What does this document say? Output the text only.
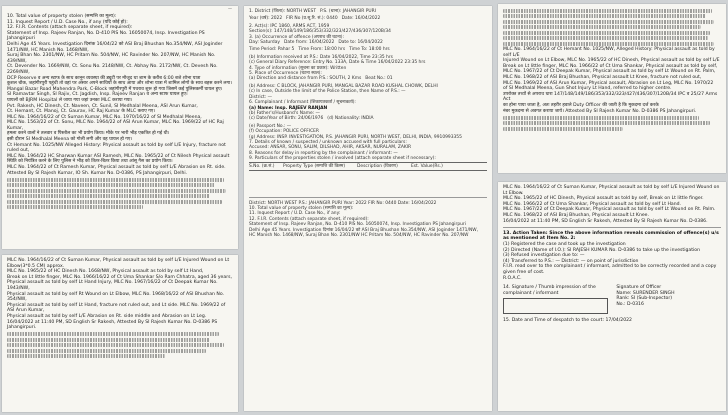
—
10. Total value of property stolen (सम्पत्ति का मूल्य):
11. Inquest Report / U.D. Case No., if any (यदि कोई हो):
12. F.I.R. Contents (attach separate sheet, if required):
Statement of Insp. Rajeev Ranjan, No. D-410 PIS No. 16050074, Insp. Investigation PS Jahangirpuri
Delhi Age 45 Years. Investigation दिनांक 16/04/22 को ASI Braj Bhushan No.354/NW, ASI Joginder 1471/NW, HC Manish No. 1468/NW,
Suraj Bhan No. 2301/NW, HC Pritam No. 504/NW, HC Ravinder No. 207/NW, HC Manish No. 439/NW,
Ct. Devender No. 1669/NW, Ct. Sonu No. 2148/NW, Ct. Abhay No. 2172/NW, Ct. Devesh No. 2269/NW,
DCP Reserve व अन्य स्टाफ के साथ कानून व्यवस्था की ड्यूटी पर मौजूद था शाम के करीब 6:00 बजे शोभा यात्रा
कुशल चौक, जहांगीरपुरी पहुंची तो वहां पर अंसार अपने साथियों के साथ आया और शोभा यात्रा में शामिल लोगों के साथ बहस करने लगा।
Mangal Bazar Road Mahendra Park, C-Block जहांगीरपुरी में पथराव शुरू हो गया जिसमें कई पुलिसकर्मी घायल हुए।
SI Ramavtar Singh, SI Rajiv, Ct. Jagdish, Insp. Rajeev Ranjan व अन्य स्टाफ घायल हुए।
घायलों को BJRM Hospital ले जाया गया जहां उनका MLC कराया गया।
Pvt. Rakesh, HC Dinesh, Ct. Naveen, Ct. Sunil, SI Medhalal Meena, ASI Arun Kumar,
Ct. Hemant, Ct. Manoj, Ct. Gaurav, HC Raj Kumar के MLC कराए गए।
MLC No. 1964/16/22 of Ct Suman Kumar, MLC No. 1970/16/22 of SI Medhalal Meena,
MLC No. 1563/22 of Ct. Sonu, MLC No. 1964/22 of ASI Arun Kumar, MLC No. 1969/22 of HC Raj Kumar,
हमला करने वालों ने तलवार व पिस्तौल का भी प्रयोग किया। मौके पर भारी भीड़ एकत्रित हो गई थी।
इसी दौरान SI Medhalal Meena को गोली लगी और वह घायल हो गए।
Ct Hemant No. 1025/NW Alleged History: Physical assault as told by self L/E Injury, fracture not ruled out,
MLC No. 1964/22 HC Sharwan Kumar ASI Ramesh, MLC No. 1965/22 of Ct Nilesh Physical assault
स्थिति को नियंत्रित करने के लिए पुलिस ने भीड़ को तितर-बितर किया तथा आंसू गैस का प्रयोग किया।
MLC No. 1964/22 of Ct Ramesh Kumar, Physical assault as told by self L/E Abrasion on Rt. side.
Attested By SI Rajesh Kumar, IO Sh. Kumar No. D-0386, PS Jahangirpuri, Delhi.
MLC No. 1964/16/22 of Ct Suman Kumar, Physical assault as told by self L/E Injured Wound on Lt Elbow(3*0.5 CM) approx.
MLC No. 1965/22 of HC Dinesh No. 1668/NW, Physical assault as told by self Lt Hand,
Break on Lt little finger, MLC No. 1966/16/22 of Ct Uma Shankar S/o Ram Chhatra, aged 36 years,
Physical assault as told by self Lt Hand Injury, MLC No. 1967/16/22 of Ct Deepak Kumar No. 1943/NW,
Physical assault as told by self Rt Wound on Lt Elbow, MLC No. 1968/16/22 of ASI Bhushan No. 354/NW,
Physical assault as told by self Lt Hand, fracture not ruled out, and Lt side. MLC No. 1969/22 of ASI Arun Kumar,
Physical assault as told by self L/E Abrasion on Rt. side middle and Abrasion on Lt Leg.
16/04/2022 at 11:40 PM, SD English Sr Rakesh, Attested By SI Rajesh Kumar No. D-0386 PS Jahangirpuri.
1. District (जिला): NORTH WEST P.S. (थाना): JAHANGIR PURI
Year (वर्ष): 2022 FIR No (प्र.सू.रि. सं.): 0440 Date: 16/04/2022
2. Act(s): IPC 1860, ARMS ACT, 1959
Section(s): 147/148/149/186/353/332/323/427/436/307/120B/34
3. (a) Occurrence of offence (अपराध की घटना):
Day: Saturday Date from: 16/04/2022 Date to: 16/04/2022
Time Period: Pahar 5 Time From: 18:00 hrs Time To: 18:00 hrs
(b) Information received at P.S.: Date 16/04/2022, Time 23:35 hrs
(c) General Diary Reference: Entry No. 133A, Date & Time 16/04/2022 23:35 hrs
4. Type of information (सूचना का प्रकार): Written
5. Place of Occurrence (घटना स्थल):
(a) Direction and distance from P.S.: SOUTH, 2 Kms Beat No.: 01
(b) Address: C BLOCK, JAHANGIR PURI, MANGAL BAZAR ROAD KUSHAL CHOWK, DELHI
(c) In case, Outside the limit of the Police Station, then Name of P.S.: —
District: —
6. Complainant / Informant (शिकायतकर्ता / सूचनाकर्ता):
(a) Name: Insp. RAJEEV RANJAN
(b) Father's/Husband's Name: —
(c) Date/Year of Birth: 24/06/1976 (d) Nationality: INDIA
(e) Passport No.: —
(f) Occupation: POLICE OFFICER
(g) Address: INSP. INVESTIGATION, P.S. JAHANGIR PURI, NORTH WEST, DELHI, INDIA, 9910993355
7. Details of known / suspected / unknown accused with full particulars:
Accused: ANSAR, SONU, SALIM, DILSHAD, AHIR, AKSAR, NURALAM, ZAKIR
8. Reasons for delay in reporting by the complainant / informant: —
9. Particulars of the properties stolen / involved (attach separate sheet if necessary):
S.No. (क्र.सं.)	Property Type (सम्पत्ति की किस्म)	Description (विवरण)	Est. Value(Rs.)
District: NORTH WEST P.S.: JAHANGIR PURI Year: 2022 FIR No: 0440 Date: 16/04/2022
10. Total value of property stolen (सम्पत्ति का मूल्य):
11. Inquest Report / U.D. Case No., if any:
12. F.I.R. Contents (attach separate sheet, if required):
Statement of Insp. Rajeev Ranjan, No. D-410 PIS No. 16050074, Insp. Investigation PS Jahangirpuri
Delhi Age 45 Years. Investigation दिनांक 16/04/22 को ASI Braj Bhushan No.354/NW, ASI Joginder 1471/NW,
HC Manish No. 1468/NW, Suraj Bhan No. 2301/NW HC Pritam No. 504/NW, HC Ravinder No. 207/NW
MLC No. 1964/16/22 of Ct Hemant No. 1025/NW, Alleged History: Physical assault as told by self L/E
Injured Wound on Lt Elbow, MLC No. 1965/22 of HC Dinesh, Physical assault as told by self L/E
Break on Lt little finger, MLC No. 1966/22 of Ct Uma Shankar, Physical assault as told by self,
MLC No. 1967/22 of Ct Deepak Kumar, Physical assault as told by self Lt Wound on Rt. Palm,
MLC No. 1968/22 of ASI Braj Bhushan, Physical assault Lt Knee, fracture not ruled out,
MLC No. 1969/22 of ASI Arun Kumar, Physical assault, Abrasion on Lt Leg, MLC No. 1970/22
of SI Medhalal Meena, Gun Shot Injury Lt Hand, referred to higher centre.
उपरोक्त तथ्यों से अपराध धारा 147/148/149/186/353/332/323/427/436/307/120B/34 IPC व 25/27 Arms Act
का होना पाया जाता है, अतः तहरीर हवाले Duty Officer की जाती है कि मुकदमा दर्ज करके
नंबर मुकदमा से अवगत कराया जाये। Attested By SI Rajesh Kumar No. D-0386 PS Jahangirpuri.
MLC No. 1964/16/22 of Ct Suman Kumar, Physical assault as told by self L/E Injured Wound on Lt Elbow.
MLC No. 1965/22 of HC Dinesh, Physical assault as told by self, Break on Lt little finger.
MLC No. 1966/22 of Ct Uma Shankar, Physical assault as told by self Lt Hand.
MLC No. 1967/22 of Ct Deepak Kumar, Physical assault as told by self Lt Wound on Rt. Palm.
MLC No. 1968/22 of ASI Braj Bhushan, Physical assault Lt Knee.
16/04/2022 at 11:40 PM, SD English Sr Rakesh, Attested By SI Rajesh Kumar No. D-0386.
13. Action Taken: Since the above information reveals commission of offence(s) u/s as mentioned at Item No. 2:
(1) Registered the case and took up the investigation
(2) Directed (Name of I.O.): SI RAJESH KUMAR No. D-0386 to take up the investigation
(3) Refused investigation due to: —
(4) Transferred to P.S.: — District: — on point of jurisdiction
F.I.R. read over to the complainant / informant, admitted to be correctly recorded and a copy given free of cost.
R.O.A.C.
14. Signature / Thumb impression of the complainant / informant
Signature of Officer
Name: SURENDER SINGH
Rank: SI (Sub-Inspector)
No.: D-0316
15. Date and Time of despatch to the court: 17/04/2022
